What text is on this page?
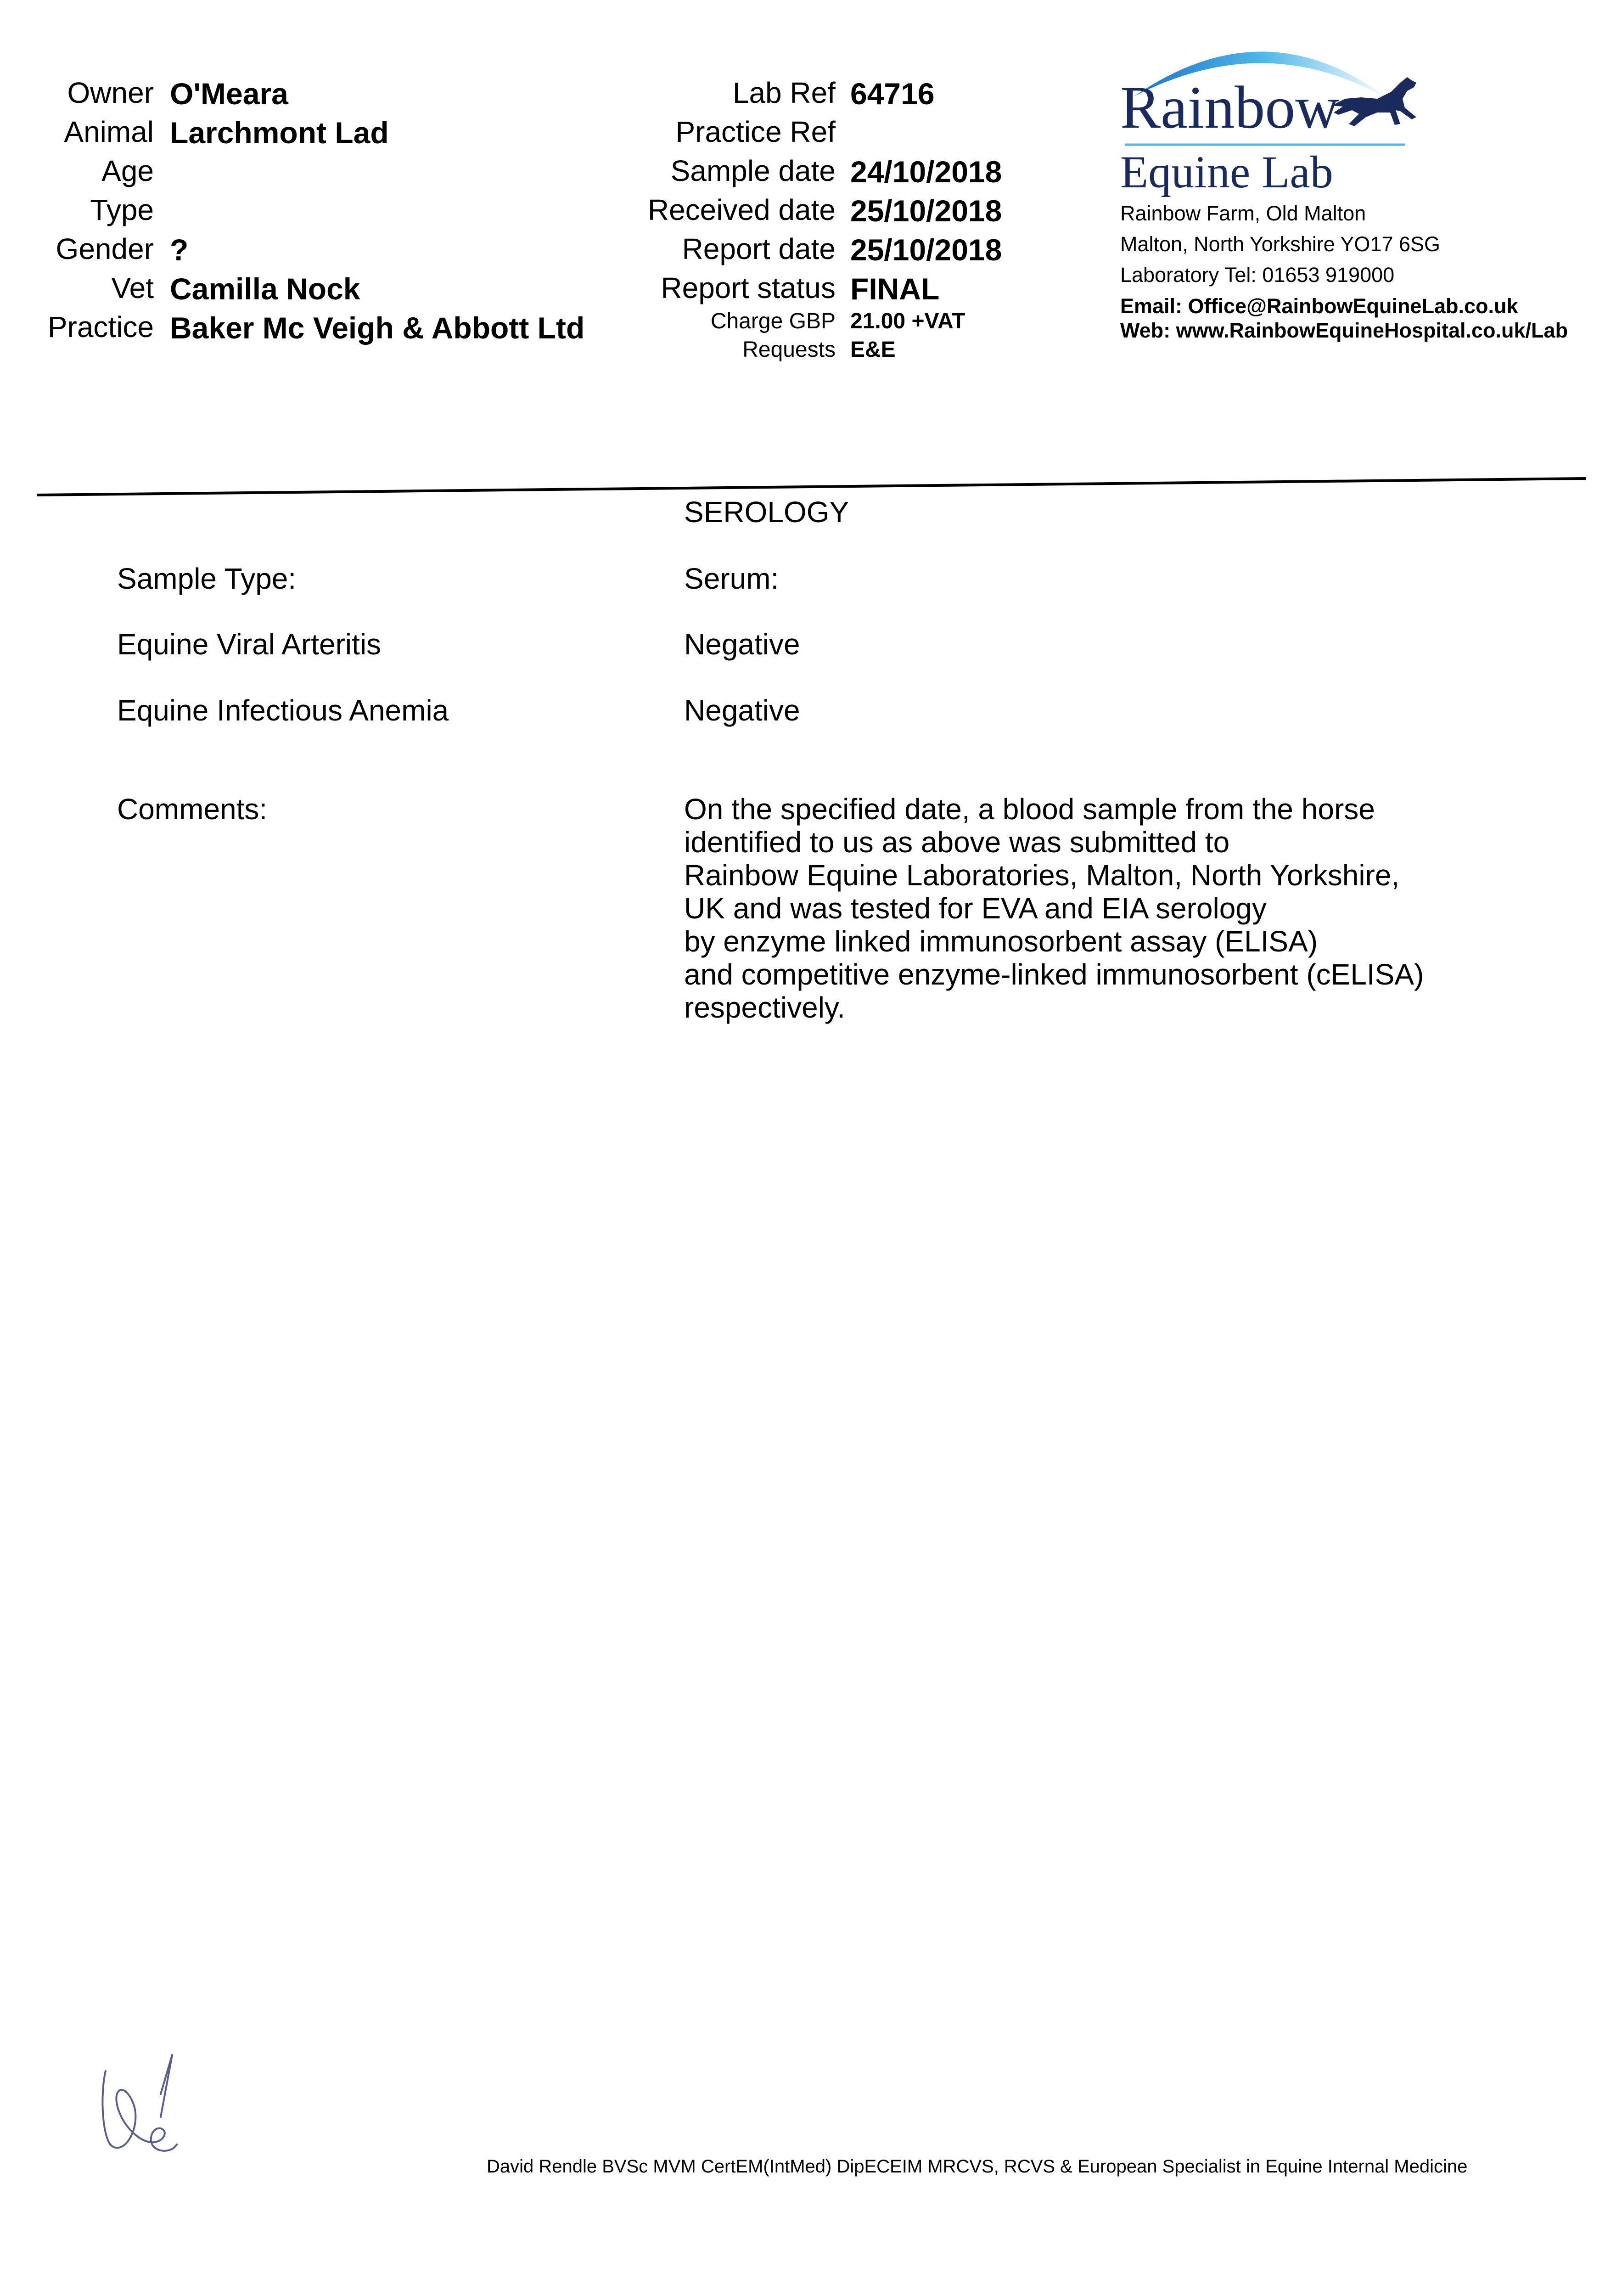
Owner O'Meara
Animal Larchmont Lad
Age
Type
Gender ?
Vet Camilla Nock
Practice Baker Mc Veigh & Abbott Ltd
Lab Ref 64716
Practice Ref
Sample date 24/10/2018
Received date 25/10/2018
Report date 25/10/2018
Report status FINAL
Charge GBP 21.00 +VAT
Requests E&E
Rainbow
Equine Lab
Rainbow Farm, Old Malton
Malton, North Yorkshire YO17 6SG
Laboratory Tel: 01653 919000
Email: Office@RainbowEquineLab.co.uk
Web: www.RainbowEquineHospital.co.uk/Lab
SEROLOGY
Sample Type:	Serum:
Equine Viral Arteritis	Negative
Equine Infectious Anemia	Negative
Comments:	On the specified date, a blood sample from the horse
identified to us as above was submitted to
Rainbow Equine Laboratories, Malton, North Yorkshire,
UK and was tested for EVA and EIA serology
by enzyme linked immunosorbent assay (ELISA)
and competitive enzyme-linked immunosorbent (cELISA)
respectively.
David Rendle BVSc MVM CertEM(IntMed) DipECEIM MRCVS, RCVS & European Specialist in Equine Internal Medicine
